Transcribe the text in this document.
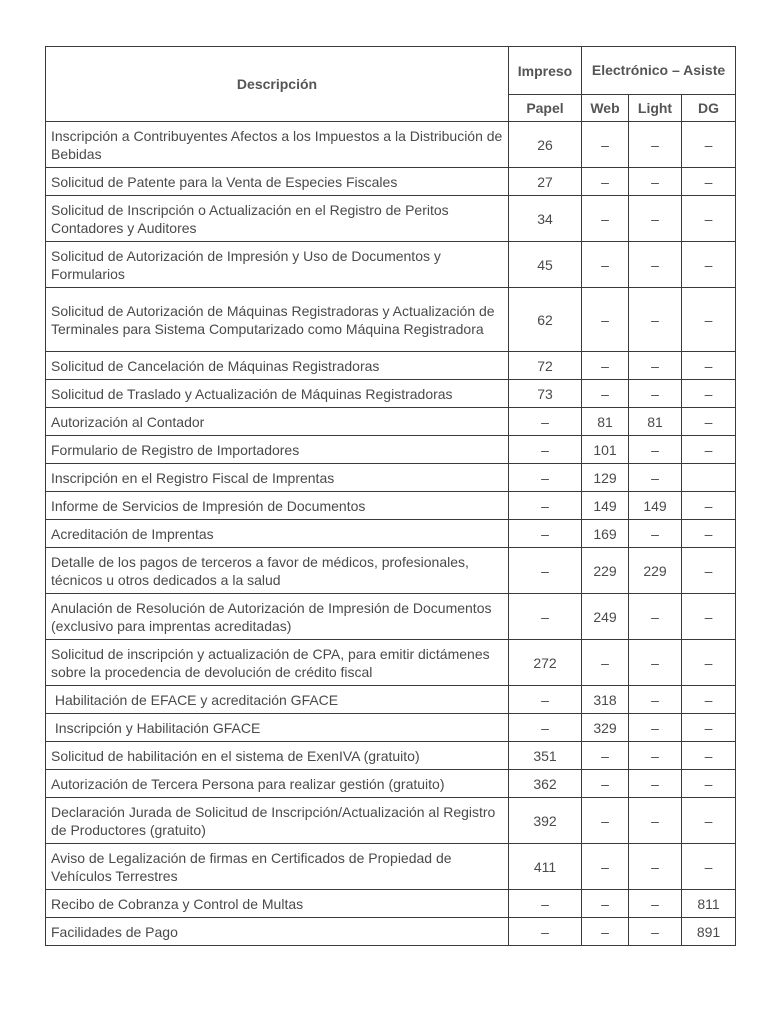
Descripción	Impreso	Electrónico – Asiste		
	Papel	Web	Light	DG
Inscripción a Contribuyentes Afectos a los Impuestos a la Distribución de Bebidas	26	–	–	–
Solicitud de Patente para la Venta de Especies Fiscales	27	–	–	–
Solicitud de Inscripción o Actualización en el Registro de Peritos Contadores y Auditores	34	–	–	–
Solicitud de Autorización de Impresión y Uso de Documentos y Formularios	45	–	–	–
Solicitud de Autorización de Máquinas Registradoras y Actualización de Terminales para Sistema Computarizado como Máquina Registradora	62	–	–	–
Solicitud de Cancelación de Máquinas Registradoras	72	–	–	–
Solicitud de Traslado y Actualización de Máquinas Registradoras	73	–	–	–
Autorización al Contador	–	81	81	–
Formulario de Registro de Importadores	–	101	–	–
Inscripción en el Registro Fiscal de Imprentas	–	129	–	
Informe de Servicios de Impresión de Documentos	–	149	149	–
Acreditación de Imprentas	–	169	–	–
Detalle de los pagos de terceros a favor de médicos, profesionales, técnicos u otros dedicados a la salud	–	229	229	–
Anulación de Resolución de Autorización de Impresión de Documentos (exclusivo para imprentas acreditadas)	–	249	–	–
Solicitud de inscripción y actualización de CPA, para emitir dictámenes sobre la procedencia de devolución de crédito fiscal	272	–	–	–
Habilitación de EFACE y acreditación GFACE	–	318	–	–
Inscripción y Habilitación GFACE	–	329	–	–
Solicitud de habilitación en el sistema de ExenIVA (gratuito)	351	–	–	–
Autorización de Tercera Persona para realizar gestión (gratuito)	362	–	–	–
Declaración Jurada de Solicitud de Inscripción/Actualización al Registro de Productores (gratuito)	392	–	–	–
Aviso de Legalización de firmas en Certificados de Propiedad de Vehículos Terrestres	411	–	–	–
Recibo de Cobranza y Control de Multas	–	–	–	811
Facilidades de Pago	–	–	–	891
